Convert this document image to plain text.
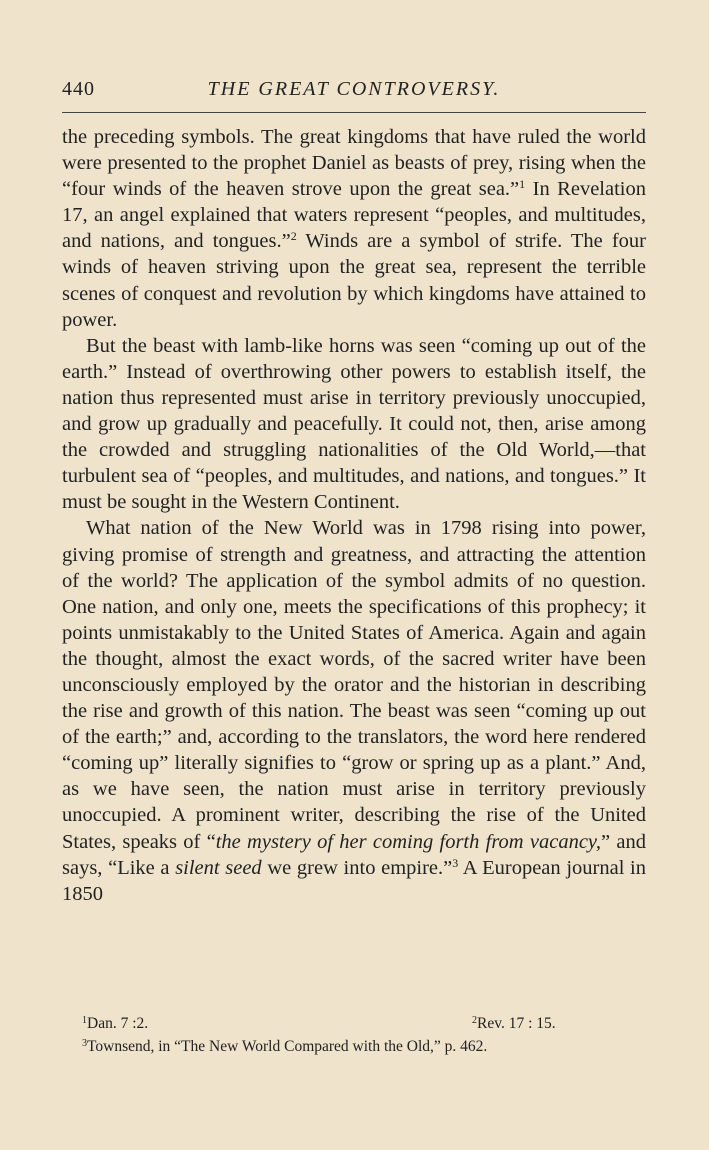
440	THE GREAT CONTROVERSY.

the preceding symbols. The great kingdoms that have ruled the world were presented to the prophet Daniel as beasts of prey, rising when the “four winds of the heaven strove upon the great sea.”$^1$ In Revelation 17, an angel explained that waters represent “peoples, and multitudes, and nations, and tongues.”$^2$ Winds are a symbol of strife. The four winds of heaven striving upon the great sea, represent the terrible scenes of conquest and revolution by which kingdoms have attained to power.

But the beast with lamb-like horns was seen “coming up out of the earth.” Instead of overthrowing other powers to establish itself, the nation thus represented must arise in territory previously unoccupied, and grow up gradually and peacefully. It could not, then, arise among the crowded and struggling nationalities of the Old World,—that turbulent sea of “peoples, and multitudes, and nations, and tongues.” It must be sought in the Western Continent.

What nation of the New World was in 1798 rising into power, giving promise of strength and greatness, and attracting the attention of the world? The application of the symbol admits of no question. One nation, and only one, meets the specifications of this prophecy; it points unmistakably to the United States of America. Again and again the thought, almost the exact words, of the sacred writer have been unconsciously employed by the orator and the historian in describing the rise and growth of this nation. The beast was seen “coming up out of the earth;” and, according to the translators, the word here rendered “coming up” literally signifies to “grow or spring up as a plant.” And, as we have seen, the nation must arise in territory previously unoccupied. A prominent writer, describing the rise of the United States, speaks of “the mystery of her coming forth from vacancy,” and says, “Like a silent seed we grew into empire.”$^3$ A European journal in 1850

$^1$Dan. 7 :2.	$^2$Rev. 17 : 15.
$^3$Townsend, in “The New World Compared with the Old,” p. 462.
